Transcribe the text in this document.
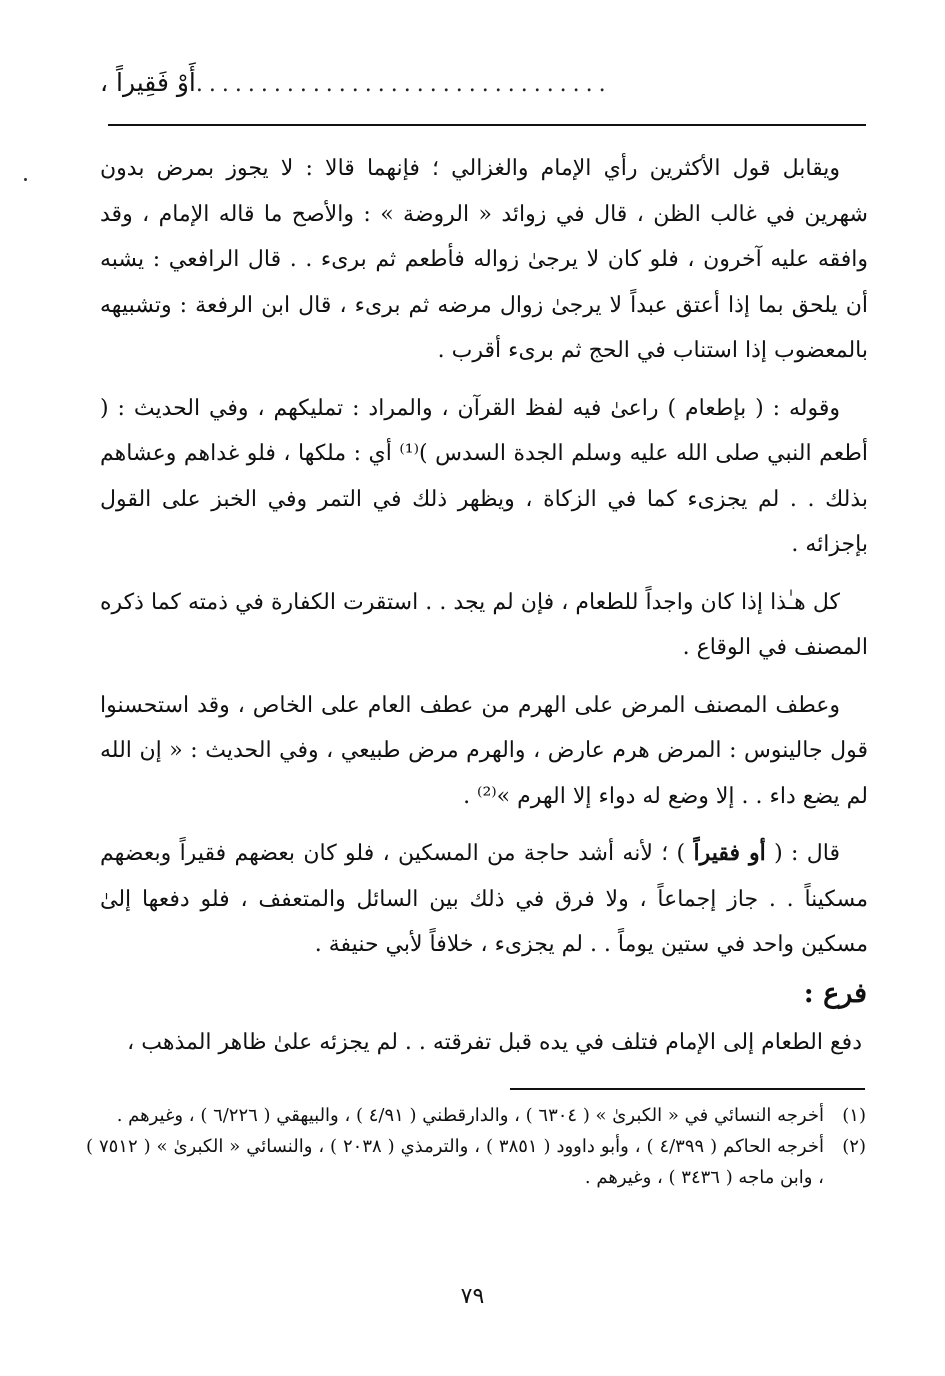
أَوْ فَقِيراً ، ................................

ويقابل قول الأكثرين رأي الإمام والغزالي ؛ فإنهما قالا : لا يجوز بمرض بدون شهرين في غالب الظن ، قال في زوائد « الروضة » : والأصح ما قاله الإمام ، وقد وافقه عليه آخرون ، فلو كان لا يرجىٰ زواله فأطعم ثم برىء . . قال الرافعي : يشبه أن يلحق بما إذا أعتق عبداً لا يرجىٰ زوال مرضه ثم برىء ، قال ابن الرفعة : وتشبيهه بالمعضوب إذا استناب في الحج ثم برىء أقرب .

وقوله : ( بإطعام ) راعىٰ فيه لفظ القرآن ، والمراد : تمليكهم ، وفي الحديث : ( أطعم النبي صلى الله عليه وسلم الجدة السدس )⁽¹⁾ أي : ملكها ، فلو غداهم وعشاهم بذلك . . لم يجزىء كما في الزكاة ، ويظهر ذلك في التمر وفي الخبز على القول بإجزائه .

كل هـٰذا إذا كان واجداً للطعام ، فإن لم يجد . . استقرت الكفارة في ذمته كما ذكره المصنف في الوقاع .

وعطف المصنف المرض على الهرم من عطف العام على الخاص ، وقد استحسنوا قول جالينوس : المرض هرم عارض ، والهرم مرض طبيعي ، وفي الحديث : « إن الله لم يضع داء . . إلا وضع له دواء إلا الهرم »⁽²⁾ .

قال : ( أو فقيراً ) ؛ لأنه أشد حاجة من المسكين ، فلو كان بعضهم فقيراً وبعضهم مسكيناً . . جاز إجماعاً ، ولا فرق في ذلك بين السائل والمتعفف ، فلو دفعها إلىٰ مسكين واحد في ستين يوماً . . لم يجزىء ، خلافاً لأبي حنيفة .

فرع :
دفع الطعام إلى الإمام فتلف في يده قبل تفرقته . . لم يجزئه علىٰ ظاهر المذهب ،
(١)
أخرجه النسائي في « الكبرىٰ » ( ٦٣٠٤ ) ، والدارقطني ( ٤/٩١ ) ، والبيهقي ( ٦/٢٢٦ ) ، وغيرهم .
(٢)
أخرجه الحاكم ( ٤/٣٩٩ ) ، وأبو داوود ( ٣٨٥١ ) ، والترمذي ( ٢٠٣٨ ) ، والنسائي « الكبرىٰ » ( ٧٥١٢ ) ، وابن ماجه ( ٣٤٣٦ ) ، وغيرهم .
٧٩
